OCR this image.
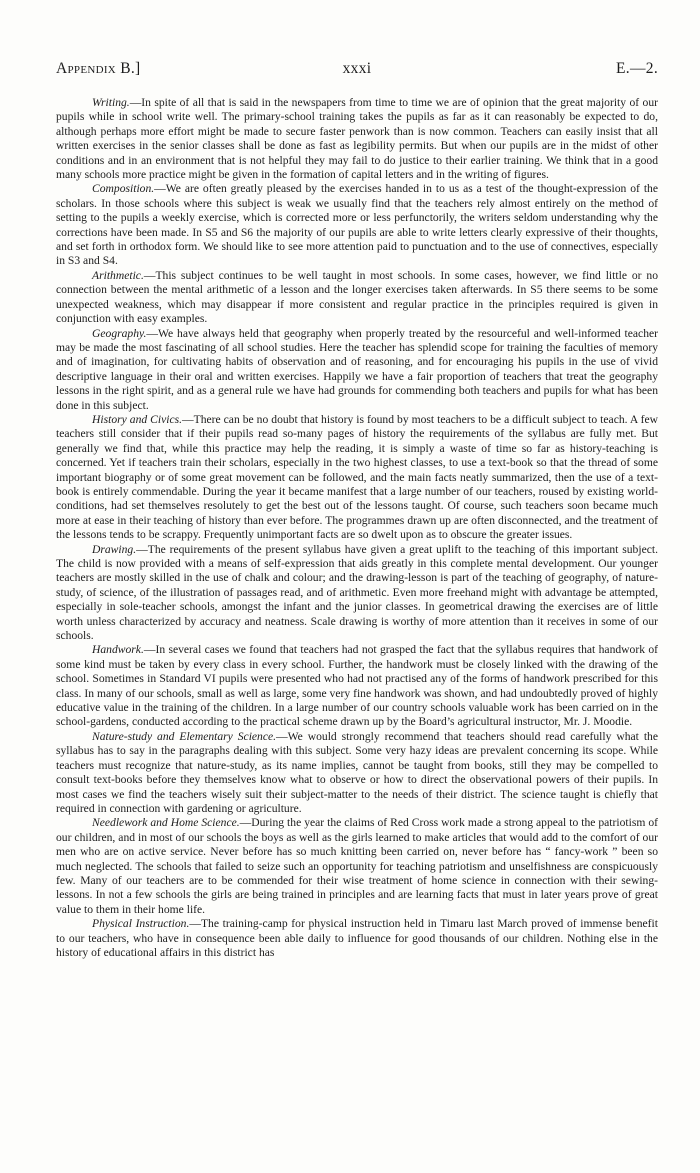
Appendix B.]	xxxi	E.—2.

Writing.—In spite of all that is said in the newspapers from time to time we are of opinion that the great majority of our pupils while in school write well. The primary-school training takes the pupils as far as it can reasonably be expected to do, although perhaps more effort might be made to secure faster penwork than is now common. Teachers can easily insist that all written exercises in the senior classes shall be done as fast as legibility permits. But when our pupils are in the midst of other conditions and in an environment that is not helpful they may fail to do justice to their earlier training. We think that in a good many schools more practice might be given in the formation of capital letters and in the writing of figures.

Composition.—We are often greatly pleased by the exercises handed in to us as a test of the thought-expression of the scholars. In those schools where this subject is weak we usually find that the teachers rely almost entirely on the method of setting to the pupils a weekly exercise, which is corrected more or less perfunctorily, the writers seldom understanding why the corrections have been made. In S5 and S6 the majority of our pupils are able to write letters clearly expressive of their thoughts, and set forth in orthodox form. We should like to see more attention paid to punctuation and to the use of connectives, especially in S3 and S4.

Arithmetic.—This subject continues to be well taught in most schools. In some cases, however, we find little or no connection between the mental arithmetic of a lesson and the longer exercises taken afterwards. In S5 there seems to be some unexpected weakness, which may disappear if more consistent and regular practice in the principles required is given in conjunction with easy examples.

Geography.—We have always held that geography when properly treated by the resourceful and well-informed teacher may be made the most fascinating of all school studies. Here the teacher has splendid scope for training the faculties of memory and of imagination, for cultivating habits of observation and of reasoning, and for encouraging his pupils in the use of vivid descriptive language in their oral and written exercises. Happily we have a fair proportion of teachers that treat the geography lessons in the right spirit, and as a general rule we have had grounds for commending both teachers and pupils for what has been done in this subject.

History and Civics.—There can be no doubt that history is found by most teachers to be a difficult subject to teach. A few teachers still consider that if their pupils read so-many pages of history the requirements of the syllabus are fully met. But generally we find that, while this practice may help the reading, it is simply a waste of time so far as history-teaching is concerned. Yet if teachers train their scholars, especially in the two highest classes, to use a text-book so that the thread of some important biography or of some great movement can be followed, and the main facts neatly summarized, then the use of a text-book is entirely commendable. During the year it became manifest that a large number of our teachers, roused by existing world-conditions, had set themselves resolutely to get the best out of the lessons taught. Of course, such teachers soon became much more at ease in their teaching of history than ever before. The programmes drawn up are often disconnected, and the treatment of the lessons tends to be scrappy. Frequently unimportant facts are so dwelt upon as to obscure the greater issues.

Drawing.—The requirements of the present syllabus have given a great uplift to the teaching of this important subject. The child is now provided with a means of self-expression that aids greatly in this complete mental development. Our younger teachers are mostly skilled in the use of chalk and colour; and the drawing-lesson is part of the teaching of geography, of nature-study, of science, of the illustration of passages read, and of arithmetic. Even more freehand might with advantage be attempted, especially in sole-teacher schools, amongst the infant and the junior classes. In geometrical drawing the exercises are of little worth unless characterized by accuracy and neatness. Scale drawing is worthy of more attention than it receives in some of our schools.

Handwork.—In several cases we found that teachers had not grasped the fact that the syllabus requires that handwork of some kind must be taken by every class in every school. Further, the handwork must be closely linked with the drawing of the school. Sometimes in Standard VI pupils were presented who had not practised any of the forms of handwork prescribed for this class. In many of our schools, small as well as large, some very fine handwork was shown, and had undoubtedly proved of highly educative value in the training of the children. In a large number of our country schools valuable work has been carried on in the school-gardens, conducted according to the practical scheme drawn up by the Board’s agricultural instructor, Mr. J. Moodie.

Nature-study and Elementary Science.—We would strongly recommend that teachers should read carefully what the syllabus has to say in the paragraphs dealing with this subject. Some very hazy ideas are prevalent concerning its scope. While teachers must recognize that nature-study, as its name implies, cannot be taught from books, still they may be compelled to consult text-books before they themselves know what to observe or how to direct the observational powers of their pupils. In most cases we find the teachers wisely suit their subject-matter to the needs of their district. The science taught is chiefly that required in connection with gardening or agriculture.

Needlework and Home Science.—During the year the claims of Red Cross work made a strong appeal to the patriotism of our children, and in most of our schools the boys as well as the girls learned to make articles that would add to the comfort of our men who are on active service. Never before has so much knitting been carried on, never before has “ fancy-work ” been so much neglected. The schools that failed to seize such an opportunity for teaching patriotism and unselfishness are conspicuously few. Many of our teachers are to be commended for their wise treatment of home science in connection with their sewing-lessons. In not a few schools the girls are being trained in principles and are learning facts that must in later years prove of great value to them in their home life.

Physical Instruction.—The training-camp for physical instruction held in Timaru last March proved of immense benefit to our teachers, who have in consequence been able daily to influence for good thousands of our children. Nothing else in the history of educational affairs in this district has
